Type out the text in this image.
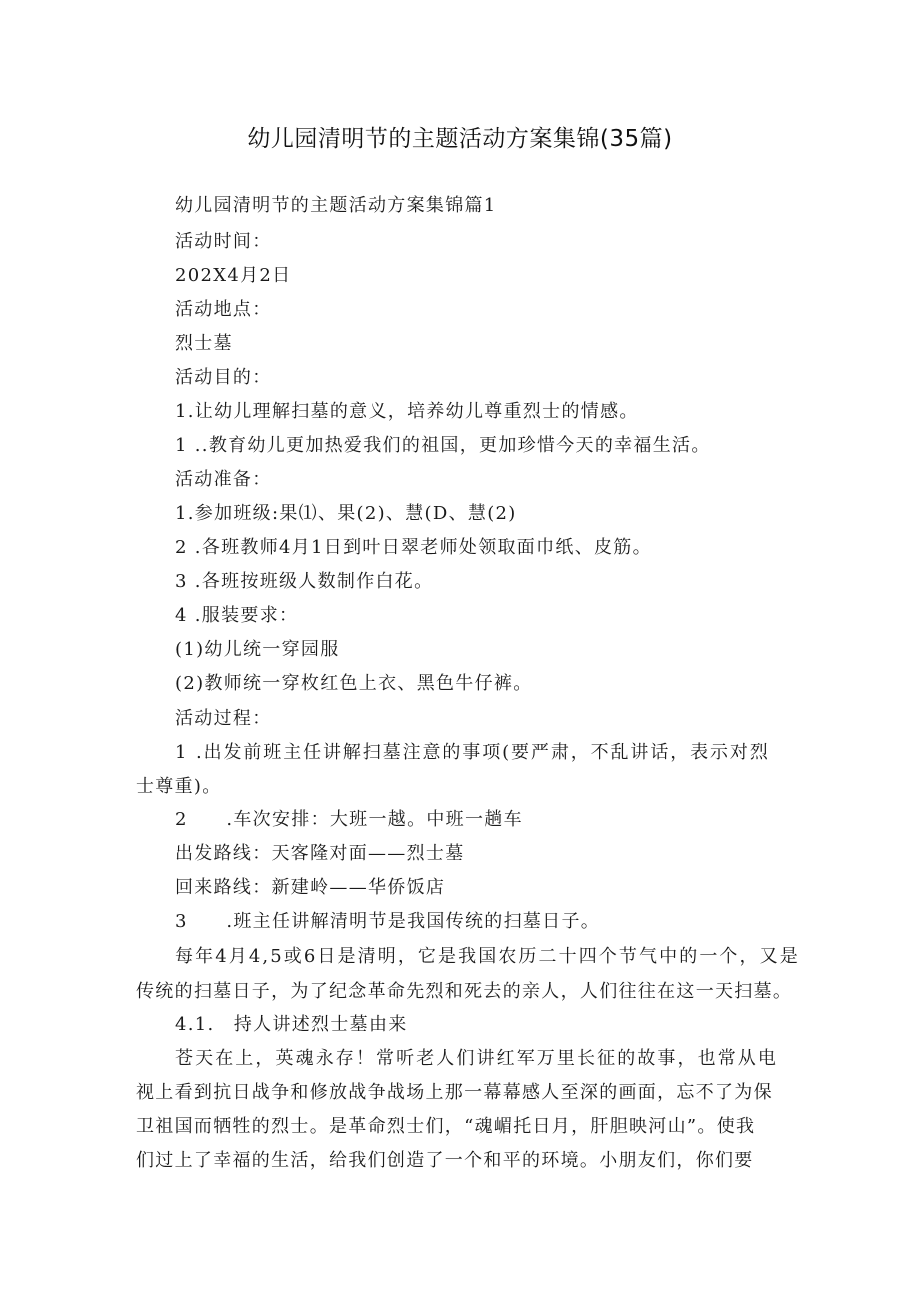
幼儿园清明节的主题活动方案集锦(35篇)
幼儿园清明节的主题活动方案集锦篇1
活动时间：
202X4月2日
活动地点：
烈士墓
活动目的：
1.让幼儿理解扫墓的意义，培养幼儿尊重烈士的情感。
1 ..教育幼儿更加热爱我们的祖国，更加珍惜今天的幸福生活。
活动准备：
1.参加班级:果⑴、果(2)、慧(D、慧(2)
2 .各班教师4月1日到叶日翠老师处领取面巾纸、皮筋。
3 .各班按班级人数制作白花。
4 .服装要求：
(1)幼儿统一穿园服
(2)教师统一穿枚红色上衣、黑色牛仔裤。
活动过程：
1 .出发前班主任讲解扫墓注意的事项(要严肃，不乱讲话，表示对烈
士尊重)。
2　　.车次安排：大班一越。中班一趟车
出发路线：天客隆对面——烈士墓
回来路线：新建岭——华侨饭店
3　　.班主任讲解清明节是我国传统的扫墓日子。
每年4月4,5或6日是清明，它是我国农历二十四个节气中的一个，又是
传统的扫墓日子，为了纪念革命先烈和死去的亲人，人们往往在这一天扫墓。
4.1.　持人讲述烈士墓由来
苍天在上，英魂永存！常听老人们讲红军万里长征的故事，也常从电
视上看到抗日战争和修放战争战场上那一幕幕感人至深的画面，忘不了为保
卫祖国而牺牲的烈士。是革命烈士们，“魂嵋托日月，肝胆映河山”。使我
们过上了幸福的生活，给我们创造了一个和平的环境。小朋友们，你们要
